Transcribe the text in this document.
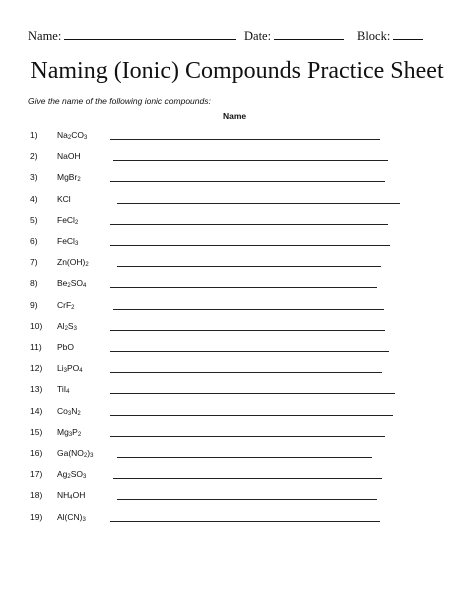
Name:	Date:	Block:
Naming (Ionic) Compounds Practice Sheet
Give the name of the following ionic compounds:
Name
1)	$Na_2CO_3$
2)	NaOH
3)	MgBr$_2$
4)	KCl
5)	FeCl$_2$
6)	FeCl$_3$
7)	$Zn(OH)_2$
8)	$Be_2SO_4$
9)	CrF$_2$
10)	$Al_2S_3$
11)	PbO
12)	$Li_3PO_4$
13)	TiI$_4$
14)	$Co_3N_2$
15)	$Mg_3P_2$
16)	$Ga(NO_2)_3$
17)	$Ag_2SO_3$
18)	$NH_4OH$
19)	$Al(CN)_3$
